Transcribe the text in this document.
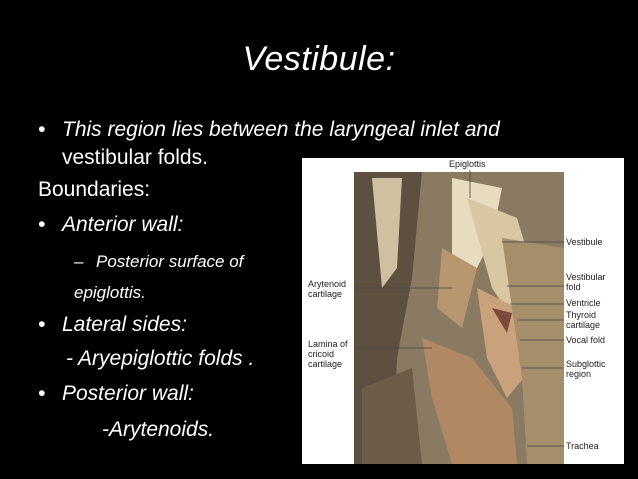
Vestibule:
• This region lies between the laryngeal inlet and
vestibular folds.
Boundaries:
• Anterior wall:
– Posterior surface of
epiglottis.
• Lateral sides:
- Aryepiglottic folds .
• Posterior wall:
-Arytenoids.
Epiglottis
Vestibule
Vestibular
fold
Ventricle
Thyroid
cartilage
Vocal fold
Subglottic
region
Trachea
Arytenoid
cartilage
Lamina of
cricoid
cartilage
